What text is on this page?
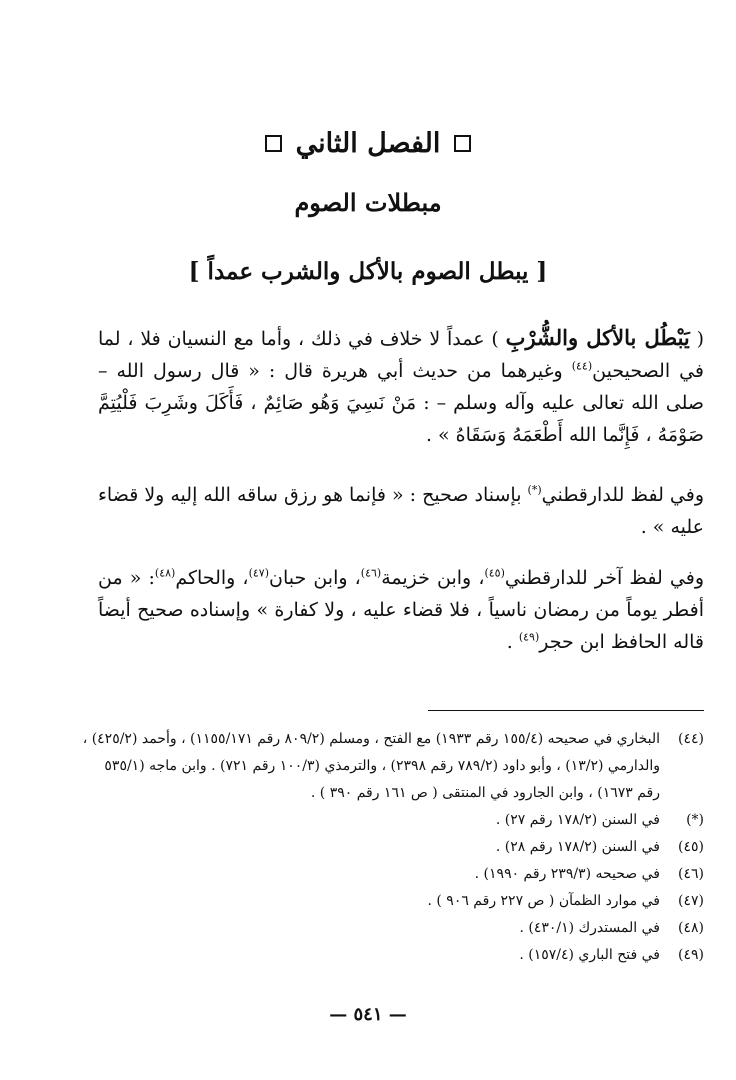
الفصل الثاني
مبطلات الصوم
[ يبطل الصوم بالأكل والشرب عمداً ]

( يَبْطُل بالأكل والشُّرْبِ ) عمداً لا خلاف في ذلك ، وأما مع النسيان فلا ، لما في الصحيحين$^{(٤٤)}$ وغيرهما من حديث أبي هريرة قال : « قال رسول الله – صلى الله تعالى عليه وآله وسلم – : مَنْ نَسِيَ وَهُو صَائِمٌ ، فَأَكَلَ وشَرِبَ فَلْيُتِمَّ صَوْمَهُ ، فَإِنَّما الله أَطْعَمَهُ وَسَقَاهُ » .

وفي لفظ للدارقطني(*) بإسناد صحيح : « فإنما هو رزق ساقه الله إليه ولا قضاء عليه » .

وفي لفظ آخر للدارقطني$^{(٤٥)}$، وابن خزيمة$^{(٤٦)}$، وابن حبان$^{(٤٧)}$، والحاكم$^{(٤٨)}$: « من أفطر يوماً من رمضان ناسياً ، فلا قضاء عليه ، ولا كفارة » وإسناده صحيح أيضاً قاله الحافظ ابن حجر$^{(٤٩)}$ .

(٤٤)
البخاري في صحيحه (١٥٥/٤ رقم ١٩٣٣) مع الفتح ، ومسلم (٨٠٩/٢ رقم ١١٥٥/١٧١) ، وأحمد (٤٢٥/٢) ، والدارمي (١٣/٢) ، وأبو داود (٧٨٩/٢ رقم ٢٣٩٨) ، والترمذي (١٠٠/٣ رقم ٧٢١) . وابن ماجه (٥٣٥/١ رقم ١٦٧٣) ، وابن الجارود في المنتقى ( ص ١٦١ رقم ٣٩٠ ) .
(*)
في السنن (١٧٨/٢ رقم ٢٧) .
(٤٥)
في السنن (١٧٨/٢ رقم ٢٨) .
(٤٦)
في صحيحه (٢٣٩/٣ رقم ١٩٩٠) .
(٤٧)
في موارد الظمآن ( ص ٢٢٧ رقم ٩٠٦ ) .
(٤٨)
في المستدرك (٤٣٠/١) .
(٤٩)
في فتح الباري (١٥٧/٤) .
— ٥٤١ —
